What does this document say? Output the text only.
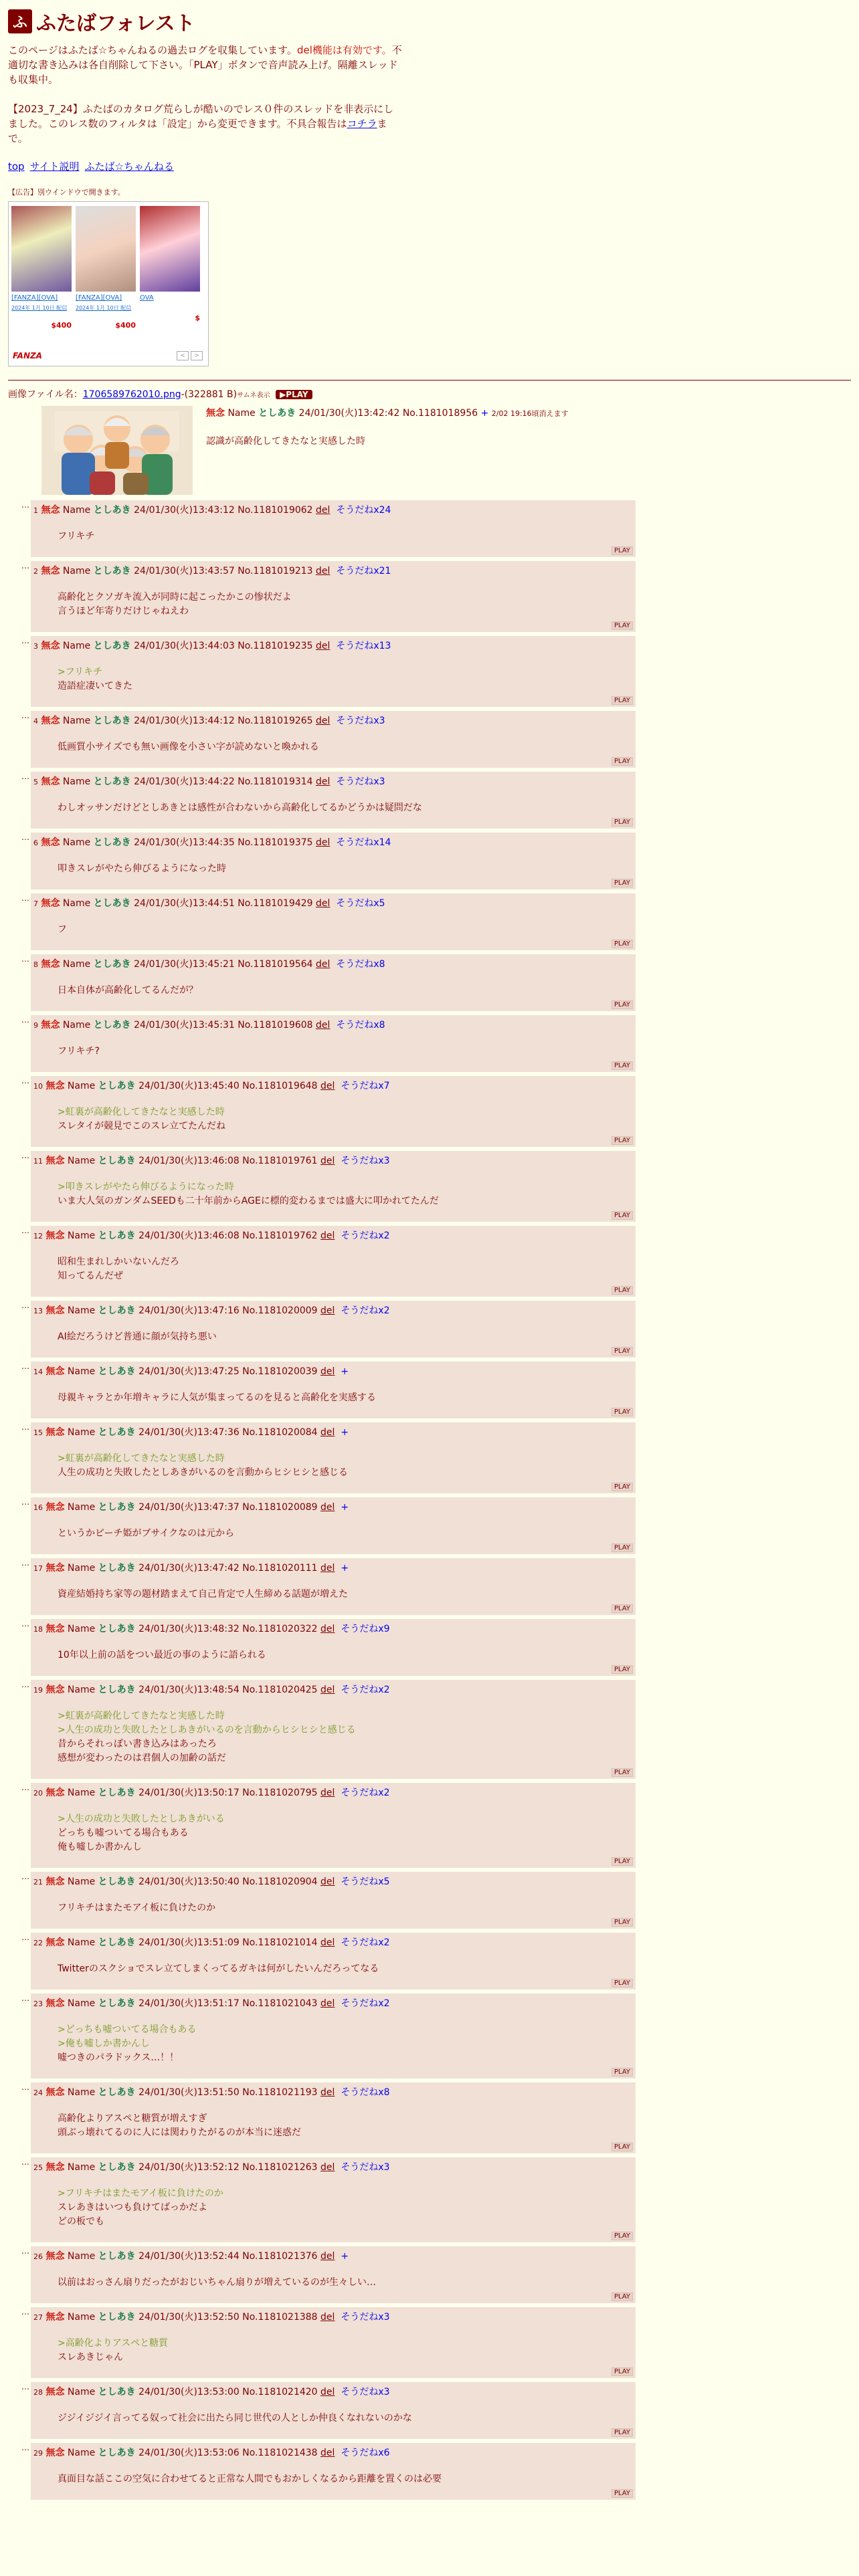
ふ ふたばフォレスト
このページはふたば☆ちゃんねるの過去ログを収集しています。del機能は有効です。不適切な書き込みは各自削除して下さい。「PLAY」ボタンで音声読み上げ。隔離スレッドも収集中。
【2023_7_24】ふたばのカタログ荒らしが酷いのでレス０件のスレッドを非表示にしました。このレス数のフィルタは「設定」から変更できます。不具合報告はコチラまで。
top サイト説明 ふたば☆ちゃんねる
【広告】別ウインドウで開きます。
[FANZA][OVA]
2024年 1月 10日 配信
$400
[FANZA][OVA]
2024年 1月 10日 配信
$400
OVA
$
FANZA	<	>
画像ファイル名：1706589762010.png-(322881 B)サムネ表示 ▶PLAY
無念 Name としあき 24/01/30(火)13:42:42 No.1181018956 + 2/02 19:16頃消えます
認識が高齢化してきたなと実感した時
…
1 無念 Name としあき 24/01/30(火)13:43:12 No.1181019062 del そうだねx24
フリキチ
PLAY
…
2 無念 Name としあき 24/01/30(火)13:43:57 No.1181019213 del そうだねx21
高齢化とクソガキ流入が同時に起こったかこの惨状だよ
言うほど年寄りだけじゃねえわ
PLAY
…
3 無念 Name としあき 24/01/30(火)13:44:03 No.1181019235 del そうだねx13
>フリキチ
造語症凄いてきた
PLAY
…
4 無念 Name としあき 24/01/30(火)13:44:12 No.1181019265 del そうだねx3
低画質小サイズでも無い画像を小さい字が読めないと喚かれる
PLAY
…
5 無念 Name としあき 24/01/30(火)13:44:22 No.1181019314 del そうだねx3
わしオッサンだけどとしあきとは感性が合わないから高齢化してるかどうかは疑問だな
PLAY
…
6 無念 Name としあき 24/01/30(火)13:44:35 No.1181019375 del そうだねx14
叩きスレがやたら伸びるようになった時
PLAY
…
7 無念 Name としあき 24/01/30(火)13:44:51 No.1181019429 del そうだねx5
フ
PLAY
…
8 無念 Name としあき 24/01/30(火)13:45:21 No.1181019564 del そうだねx8
日本自体が高齢化してるんだが？
PLAY
…
9 無念 Name としあき 24/01/30(火)13:45:31 No.1181019608 del そうだねx8
フリキチ?
PLAY
…
10 無念 Name としあき 24/01/30(火)13:45:40 No.1181019648 del そうだねx7
>虹裏が高齢化してきたなと実感した時
スレタイが競見でこのスレ立てたんだね
PLAY
…
11 無念 Name としあき 24/01/30(火)13:46:08 No.1181019761 del そうだねx3
>叩きスレがやたら伸びるようになった時
いま大人気のガンダムSEEDも二十年前からAGEに標的変わるまでは盛大に叩かれてたんだ
PLAY
…
12 無念 Name としあき 24/01/30(火)13:46:08 No.1181019762 del そうだねx2
昭和生まれしかいないんだろ
知ってるんだぜ
PLAY
…
13 無念 Name としあき 24/01/30(火)13:47:16 No.1181020009 del そうだねx2
AI絵だろうけど普通に顔が気持ち悪い
PLAY
…
14 無念 Name としあき 24/01/30(火)13:47:25 No.1181020039 del +
母親キャラとか年増キャラに人気が集まってるのを見ると高齢化を実感する
PLAY
…
15 無念 Name としあき 24/01/30(火)13:47:36 No.1181020084 del +
>虹裏が高齢化してきたなと実感した時
人生の成功と失敗したとしあきがいるのを言動からヒシヒシと感じる
PLAY
…
16 無念 Name としあき 24/01/30(火)13:47:37 No.1181020089 del +
というかピーチ姫がブサイクなのは元から
PLAY
…
17 無念 Name としあき 24/01/30(火)13:47:42 No.1181020111 del +
資産結婚持ち家等の題材踏まえて自己肯定で人生締める話題が増えた
PLAY
…
18 無念 Name としあき 24/01/30(火)13:48:32 No.1181020322 del そうだねx9
10年以上前の話をつい最近の事のように語られる
PLAY
…
19 無念 Name としあき 24/01/30(火)13:48:54 No.1181020425 del そうだねx2
>虹裏が高齢化してきたなと実感した時
>人生の成功と失敗したとしあきがいるのを言動からヒシヒシと感じる
昔からそれっぽい書き込みはあったろ
感想が変わったのは君個人の加齢の話だ
PLAY
…
20 無念 Name としあき 24/01/30(火)13:50:17 No.1181020795 del そうだねx2
>人生の成功と失敗したとしあきがいる
どっちも嘘ついてる場合もある
俺も嘘しか書かんし
PLAY
…
21 無念 Name としあき 24/01/30(火)13:50:40 No.1181020904 del そうだねx5
フリキチはまたモアイ板に負けたのか
PLAY
…
22 無念 Name としあき 24/01/30(火)13:51:09 No.1181021014 del そうだねx2
Twitterのスクショでスレ立てしまくってるガキは何がしたいんだろってなる
PLAY
…
23 無念 Name としあき 24/01/30(火)13:51:17 No.1181021043 del そうだねx2
>どっちも嘘ついてる場合もある
>俺も嘘しか書かんし
嘘つきのパラドックス…！！
PLAY
…
24 無念 Name としあき 24/01/30(火)13:51:50 No.1181021193 del そうだねx8
高齢化よりアスペと糖質が増えすぎ
頭ぶっ壊れてるのに人には関わりたがるのが本当に迷惑だ
PLAY
…
25 無念 Name としあき 24/01/30(火)13:52:12 No.1181021263 del そうだねx3
>フリキチはまたモアイ板に負けたのか
スレあきはいつも負けてばっかだよ
どの板でも
PLAY
…
26 無念 Name としあき 24/01/30(火)13:52:44 No.1181021376 del +
以前はおっさん扇りだったがおじいちゃん扇りが増えているのが生々しい…
PLAY
…
27 無念 Name としあき 24/01/30(火)13:52:50 No.1181021388 del そうだねx3
>高齢化よりアスペと糖質
スレあきじゃん
PLAY
…
28 無念 Name としあき 24/01/30(火)13:53:00 No.1181021420 del そうだねx3
ジジイジジイ言ってる奴って社会に出たら同じ世代の人としか仲良くなれないのかな
PLAY
…
29 無念 Name としあき 24/01/30(火)13:53:06 No.1181021438 del そうだねx6
真面目な話ここの空気に合わせてると正常な人間でもおかしくなるから距離を置くのは必要
PLAY
